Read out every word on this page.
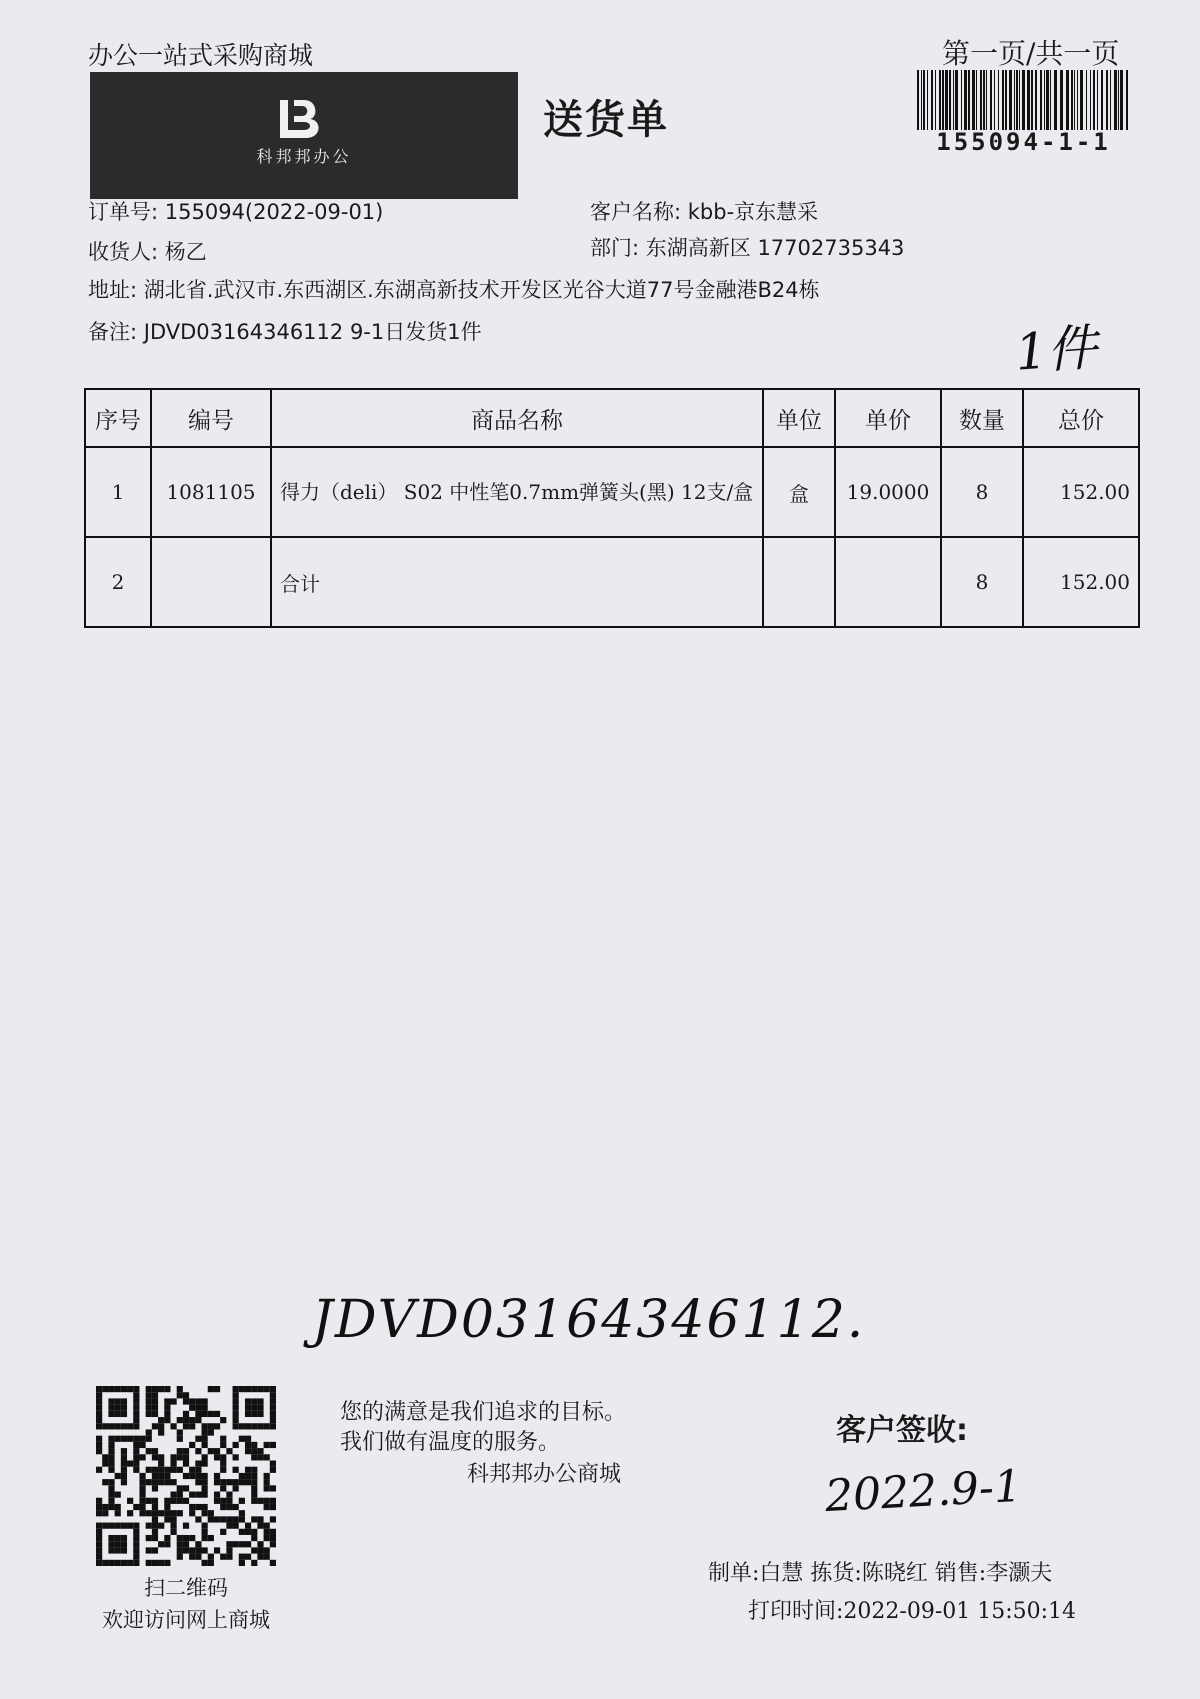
办公一站式采购商城	第一页/共一页
科邦邦办公
送货单	155094-1-1
订单号: 155094(2022-09-01)	客户名称: kbb-京东慧采
收货人: 杨乙	部门: 东湖高新区 17702735343
地址: 湖北省.武汉市.东西湖区.东湖高新技术开发区光谷大道77号金融港B24栋
备注: JDVD03164346112 9-1日发货1件	1件
序号	编号	商品名称	单位	单价	数量	总价
1	1081105	得力（deli） S02 中性笔0.7mm弹簧头(黑) 12支/盒	盒	19.0000	8	152.00
2		合计			8	152.00
JDVD03164346112.
扫二维码
欢迎访问网上商城
您的满意是我们追求的目标。
我们做有温度的服务。
科邦邦办公商城
客户签收:
2022.9-1
制单:白慧 拣货:陈晓红 销售:李灏夫
打印时间:2022-09-01 15:50:14
